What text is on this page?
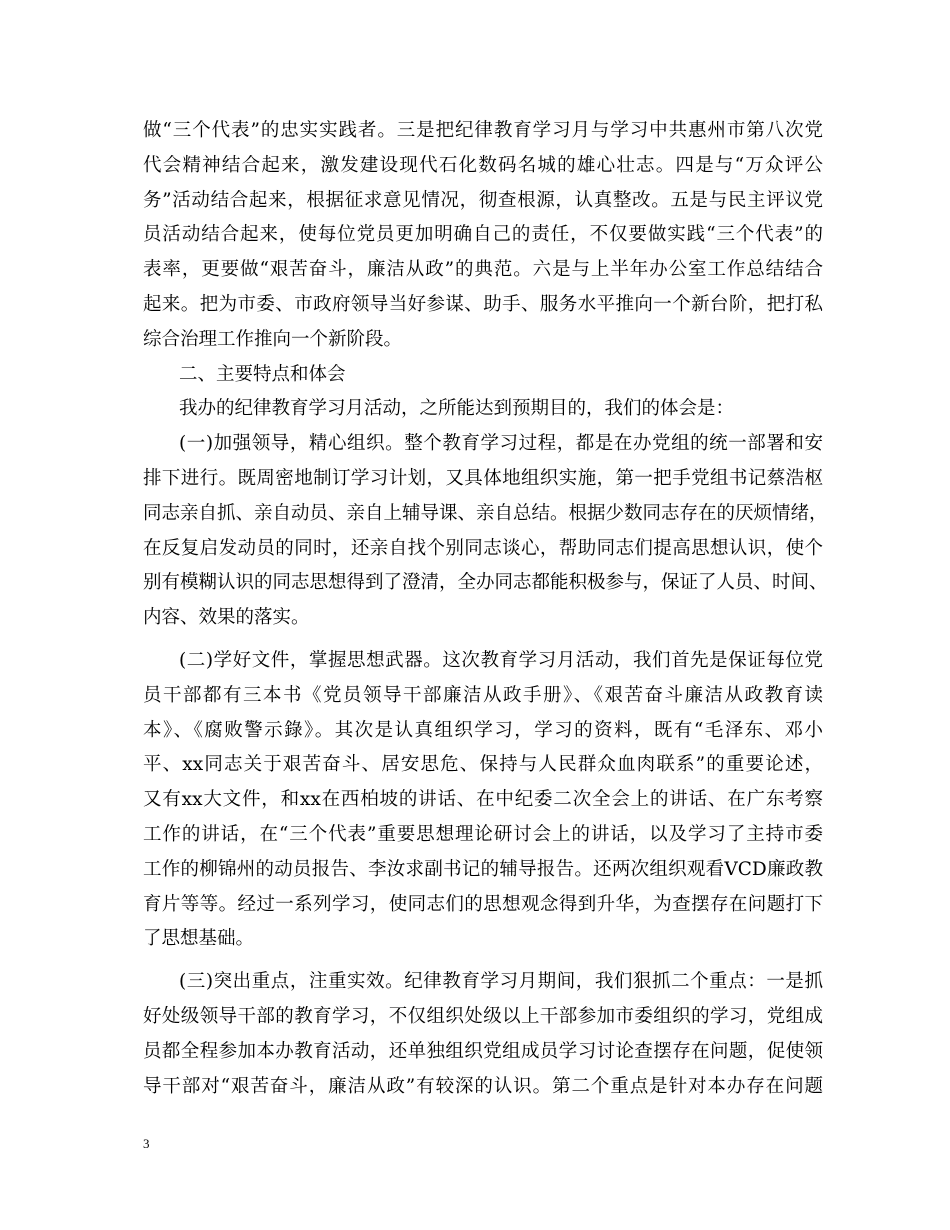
做“三个代表”的忠实实践者。三是把纪律教育学习月与学习中共惠州市第八次党
代会精神结合起来，激发建设现代石化数码名城的雄心壮志。四是与“万众评公
务”活动结合起来，根据征求意见情况，彻查根源，认真整改。五是与民主评议党
员活动结合起来，使每位党员更加明确自己的责任，不仅要做实践“三个代表”的
表率，更要做“艰苦奋斗，廉洁从政”的典范。六是与上半年办公室工作总结结合
起来。把为市委、市政府领导当好参谋、助手、服务水平推向一个新台阶，把打私
综合治理工作推向一个新阶段。
二、主要特点和体会
我办的纪律教育学习月活动，之所能达到预期目的，我们的体会是：
(一)加强领导，精心组织。整个教育学习过程，都是在办党组的统一部署和安
排下进行。既周密地制订学习计划，又具体地组织实施，第一把手党组书记蔡浩枢
同志亲自抓、亲自动员、亲自上辅导课、亲自总结。根据少数同志存在的厌烦情绪，
在反复启发动员的同时，还亲自找个别同志谈心，帮助同志们提高思想认识，使个
别有模糊认识的同志思想得到了澄清，全办同志都能积极参与，保证了人员、时间、
内容、效果的落实。
(二)学好文件，掌握思想武器。这次教育学习月活动，我们首先是保证每位党
员干部都有三本书《党员领导干部廉洁从政手册》、《艰苦奋斗廉洁从政教育读
本》、《腐败警示錄》。其次是认真组织学习，学习的资料，既有“毛泽东、邓小
平、xx同志关于艰苦奋斗、居安思危、保持与人民群众血肉联系”的重要论述，
又有xx大文件，和xx在西柏坡的讲话、在中纪委二次全会上的讲话、在广东考察
工作的讲话，在“三个代表”重要思想理论研讨会上的讲话，以及学习了主持市委
工作的柳锦州的动员报告、李汝求副书记的辅导报告。还两次组织观看VCD廉政教
育片等等。经过一系列学习，使同志们的思想观念得到升华，为查摆存在问题打下
了思想基础。
(三)突出重点，注重实效。纪律教育学习月期间，我们狠抓二个重点：一是抓
好处级领导干部的教育学习，不仅组织处级以上干部参加市委组织的学习，党组成
员都全程参加本办教育活动，还单独组织党组成员学习讨论查摆存在问题，促使领
导干部对“艰苦奋斗，廉洁从政”有较深的认识。第二个重点是针对本办存在问题
3
